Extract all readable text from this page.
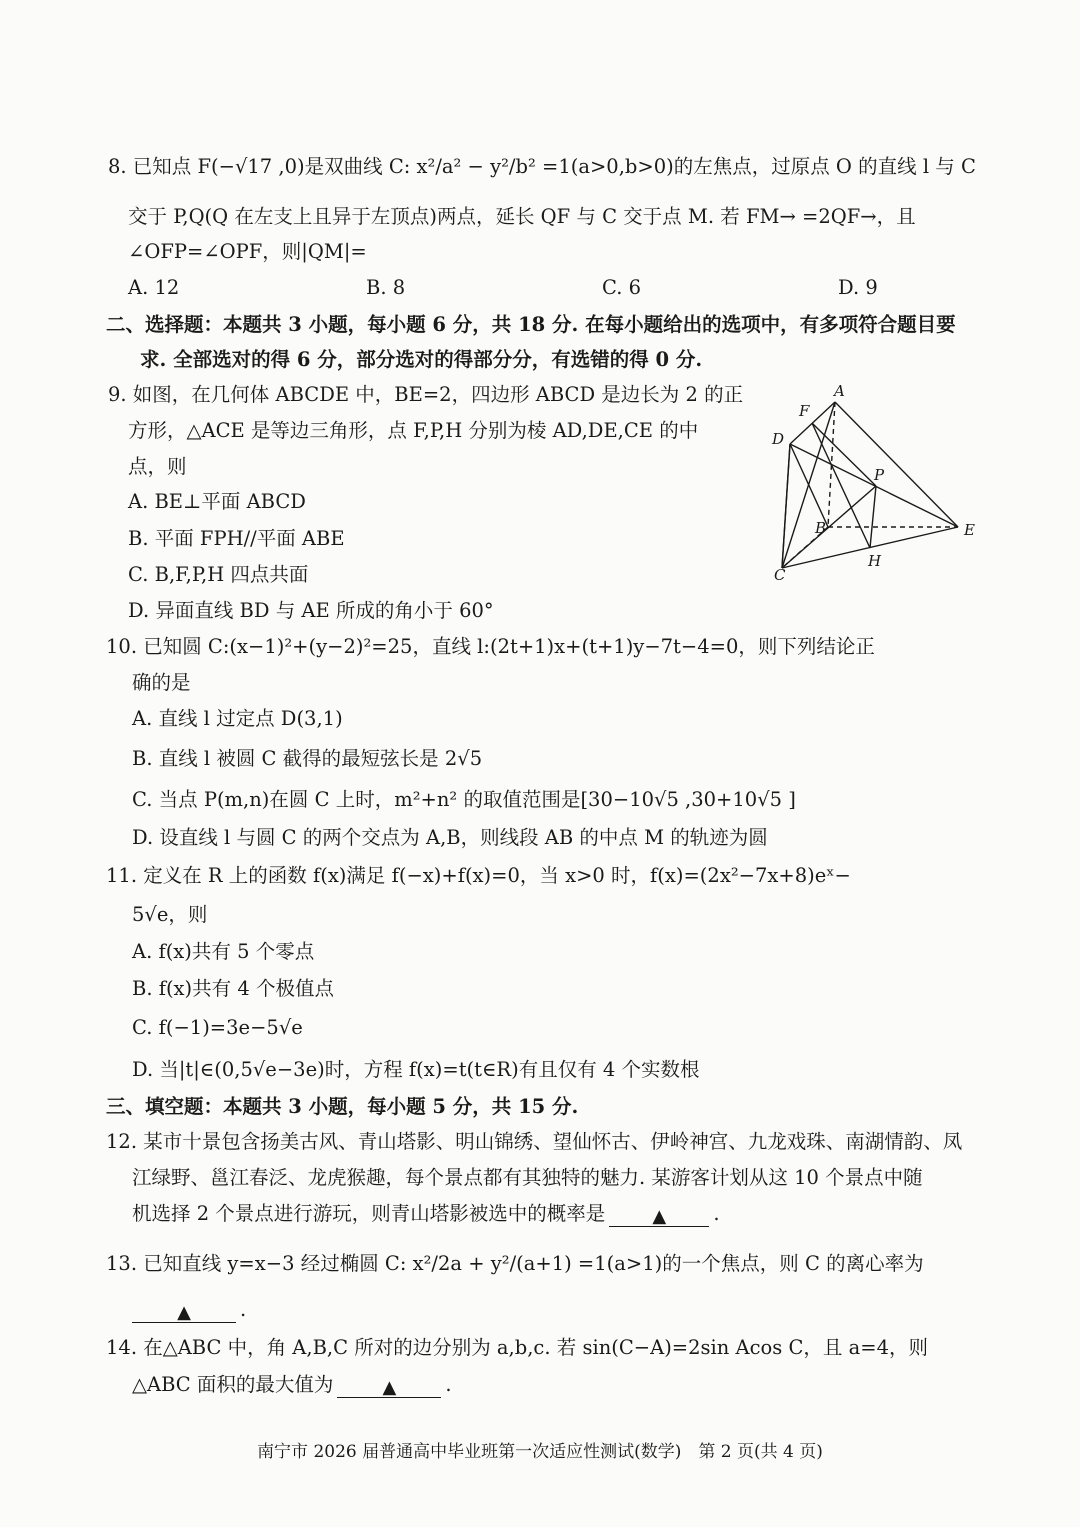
8. 已知点 F(−√17 ,0)是双曲线 C: x²/a² − y²/b² =1(a>0,b>0)的左焦点，过原点 O 的直线 l 与 C
交于 P,Q(Q 在左支上且异于左顶点)两点，延长 QF 与 C 交于点 M. 若 FM→ =2QF→，且
∠OFP=∠OPF，则|QM|=
A. 12	B. 8	C. 6	D. 9
二、选择题：本题共 3 小题，每小题 6 分，共 18 分. 在每小题给出的选项中，有多项符合题目要
求. 全部选对的得 6 分，部分选对的得部分分，有选错的得 0 分.
9. 如图，在几何体 ABCDE 中，BE=2，四边形 ABCD 是边长为 2 的正
方形，△ACE 是等边三角形，点 F,P,H 分别为棱 AD,DE,CE 的中
点，则
A. BE⊥平面 ABCD
B. 平面 FPH//平面 ABE
C. B,F,P,H 四点共面
D. 异面直线 BD 与 AE 所成的角小于 60°
A
F
D
P
B	E
H
C
10. 已知圆 C:(x−1)²+(y−2)²=25，直线 l:(2t+1)x+(t+1)y−7t−4=0，则下列结论正
确的是
A. 直线 l 过定点 D(3,1)
B. 直线 l 被圆 C 截得的最短弦长是 2√5
C. 当点 P(m,n)在圆 C 上时，m²+n² 的取值范围是[30−10√5 ,30+10√5 ]
D. 设直线 l 与圆 C 的两个交点为 A,B，则线段 AB 的中点 M 的轨迹为圆
11. 定义在 R 上的函数 f(x)满足 f(−x)+f(x)=0，当 x>0 时，f(x)=(2x²−7x+8)eˣ−
5√e，则
A. f(x)共有 5 个零点
B. f(x)共有 4 个极值点
C. f(−1)=3e−5√e
D. 当|t|∈(0,5√e−3e)时，方程 f(x)=t(t∈R)有且仅有 4 个实数根
三、填空题：本题共 3 小题，每小题 5 分，共 15 分.
12. 某市十景包含扬美古风、青山塔影、明山锦绣、望仙怀古、伊岭神宫、九龙戏珠、南湖情韵、凤
江绿野、邕江春泛、龙虎猴趣，每个景点都有其独特的魅力. 某游客计划从这 10 个景点中随
机选择 2 个景点进行游玩，则青山塔影被选中的概率是	▲ .
13. 已知直线 y=x−3 经过椭圆 C: x²/2a + y²/(a+1) =1(a>1)的一个焦点，则 C 的离心率为
▲	.
14. 在△ABC 中，角 A,B,C 所对的边分别为 a,b,c. 若 sin(C−A)=2sin Acos C，且 a=4，则
△ABC 面积的最大值为	▲	.
南宁市 2026 届普通高中毕业班第一次适应性测试(数学)　第 2 页(共 4 页)
